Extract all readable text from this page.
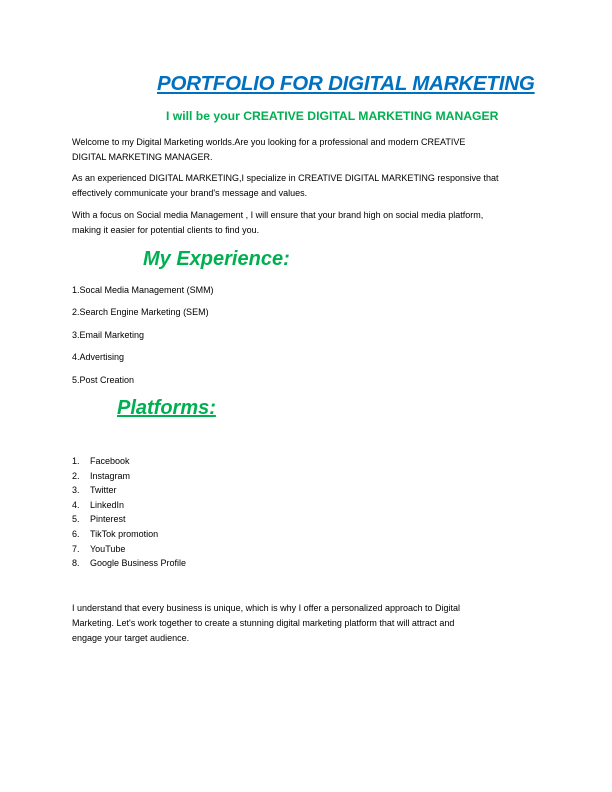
PORTFOLIO FOR DIGITAL MARKETING
I will be your CREATIVE DIGITAL MARKETING MANAGER
Welcome to my Digital Marketing worlds.Are you looking for a professional and modern CREATIVE
DIGITAL MARKETING MANAGER.
As an experienced DIGITAL MARKETING,I specialize in CREATIVE DIGITAL MARKETING responsive that
effectively communicate your brand's message and values.
With a focus on Social media Management , I will ensure that your brand high on social media platform,
making it easier for potential clients to find you.
My Experience:
1.Socal Media Management (SMM)
2.Search Engine Marketing (SEM)
3.Email Marketing
4.Advertising
5.Post Creation
Platforms:
1. Facebook
2. Instagram
3. Twitter
4. LinkedIn
5. Pinterest
6. TikTok promotion
7. YouTube
8. Google Business Profile
I understand that every business is unique, which is why I offer a personalized approach to Digital
Marketing. Let's work together to create a stunning digital marketing platform that will attract and
engage your target audience.
